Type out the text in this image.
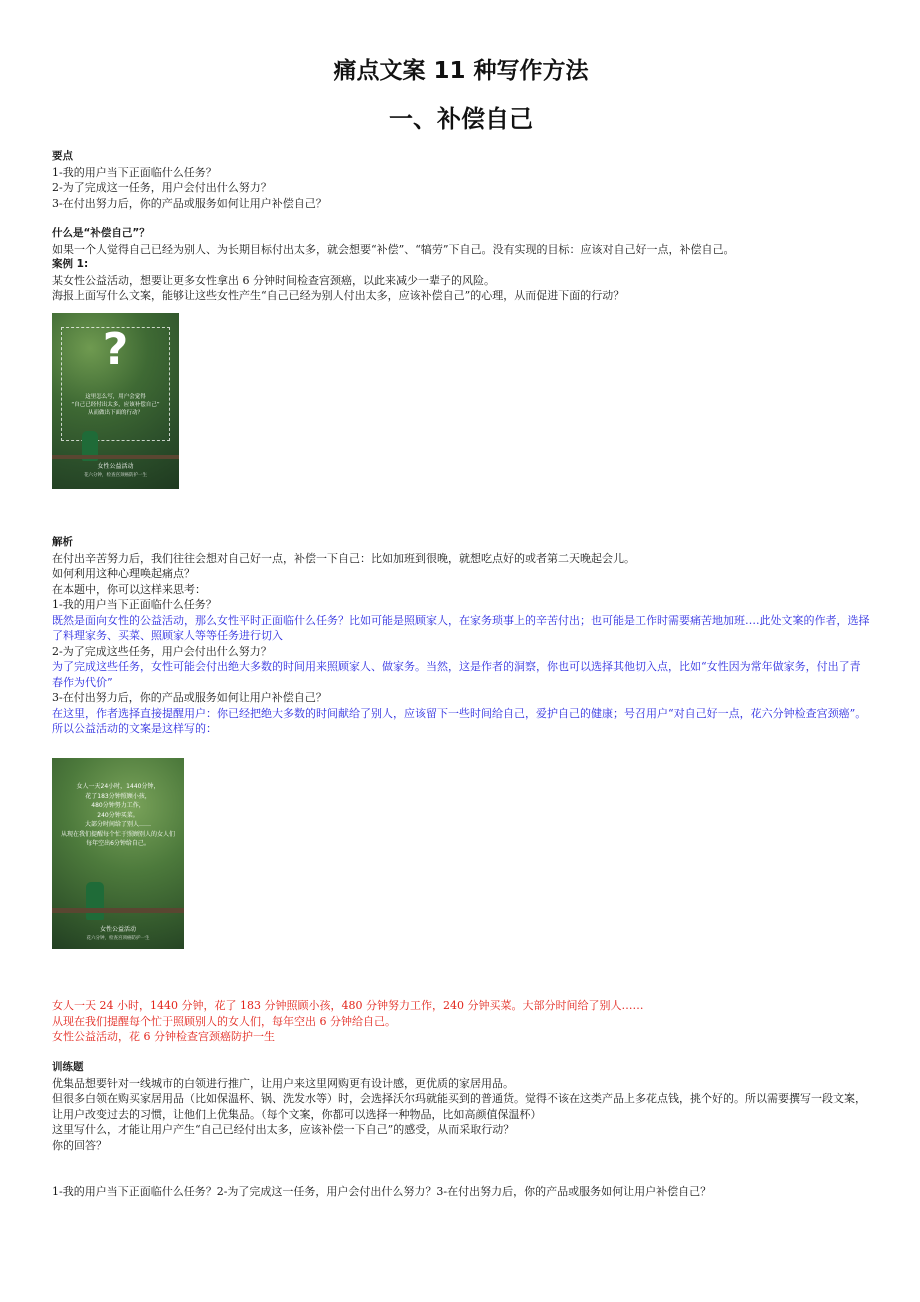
痛点文案 11 种写作方法
一、补偿自己
要点
1-我的用户当下正面临什么任务？
2-为了完成这一任务，用户会付出什么努力？
3-在付出努力后，你的产品或服务如何让用户补偿自己？
什么是“补偿自己”？
如果一个人觉得自己已经为别人、为长期目标付出太多，就会想要“补偿”、“犒劳”下自己。没有实现的目标：应该对自己好一点，补偿自己。
案例 1:
某女性公益活动，想要让更多女性拿出 6 分钟时间检查宫颈癌，以此来减少一辈子的风险。
海报上面写什么文案，能够让这些女性产生“自己已经为别人付出太多，应该补偿自己”的心理，从而促进下面的行动？
?
这里怎么写，用户会觉得
“自己已经付出太多，应该补偿自己”
从而做出下面的行动？
女性公益活动
花六分钟，检查宫颈癌防护一生
解析
在付出辛苦努力后，我们往往会想对自己好一点，补偿一下自己：比如加班到很晚，就想吃点好的或者第二天晚起会儿。
如何利用这种心理唤起痛点？
在本题中，你可以这样来思考：
1-我的用户当下正面临什么任务？
既然是面向女性的公益活动，那么女性平时正面临什么任务？比如可能是照顾家人，在家务琐事上的辛苦付出；也可能是工作时需要痛苦地加班….此处文案的作者，选择了料理家务、买菜、照顾家人等等任务进行切入
2-为了完成这些任务，用户会付出什么努力？
为了完成这些任务，女性可能会付出绝大多数的时间用来照顾家人、做家务。当然，这是作者的洞察，你也可以选择其他切入点，比如“女性因为常年做家务，付出了青春作为代价”
3-在付出努力后，你的产品或服务如何让用户补偿自己？
在这里，作者选择直接提醒用户：你已经把绝大多数的时间献给了别人，应该留下一些时间给自己，爱护自己的健康；号召用户“对自己好一点，花六分钟检查宫颈癌”。
所以公益活动的文案是这样写的：
女人一天24小时，1440分钟，
花了183分钟照顾小孩，
480分钟努力工作，
240分钟买菜。
大部分时间给了别人……
从现在我们提醒每个忙于照顾别人的女人们
每年空出6分钟给自己。
女性公益活动
花六分钟，检查宫颈癌防护一生
女人一天 24 小时，1440 分钟，花了 183 分钟照顾小孩，480 分钟努力工作，240 分钟买菜。大部分时间给了别人……
从现在我们提醒每个忙于照顾别人的女人们，每年空出 6 分钟给自己。
女性公益活动，花 6 分钟检查宫颈癌防护一生
训练题
优集品想要针对一线城市的白领进行推广，让用户来这里网购更有设计感，更优质的家居用品。
但很多白领在购买家居用品（比如保温杯、锅、洗发水等）时，会选择沃尔玛就能买到的普通货。觉得不该在这类产品上多花点钱，挑个好的。所以需要撰写一段文案，让用户改变过去的习惯，让他们上优集品。（每个文案，你都可以选择一种物品，比如高颜值保温杯）
这里写什么，才能让用户产生“自己已经付出太多，应该补偿一下自己”的感受，从而采取行动？
你的回答？
1-我的用户当下正面临什么任务？2-为了完成这一任务，用户会付出什么努力？3-在付出努力后，你的产品或服务如何让用户补偿自己？
